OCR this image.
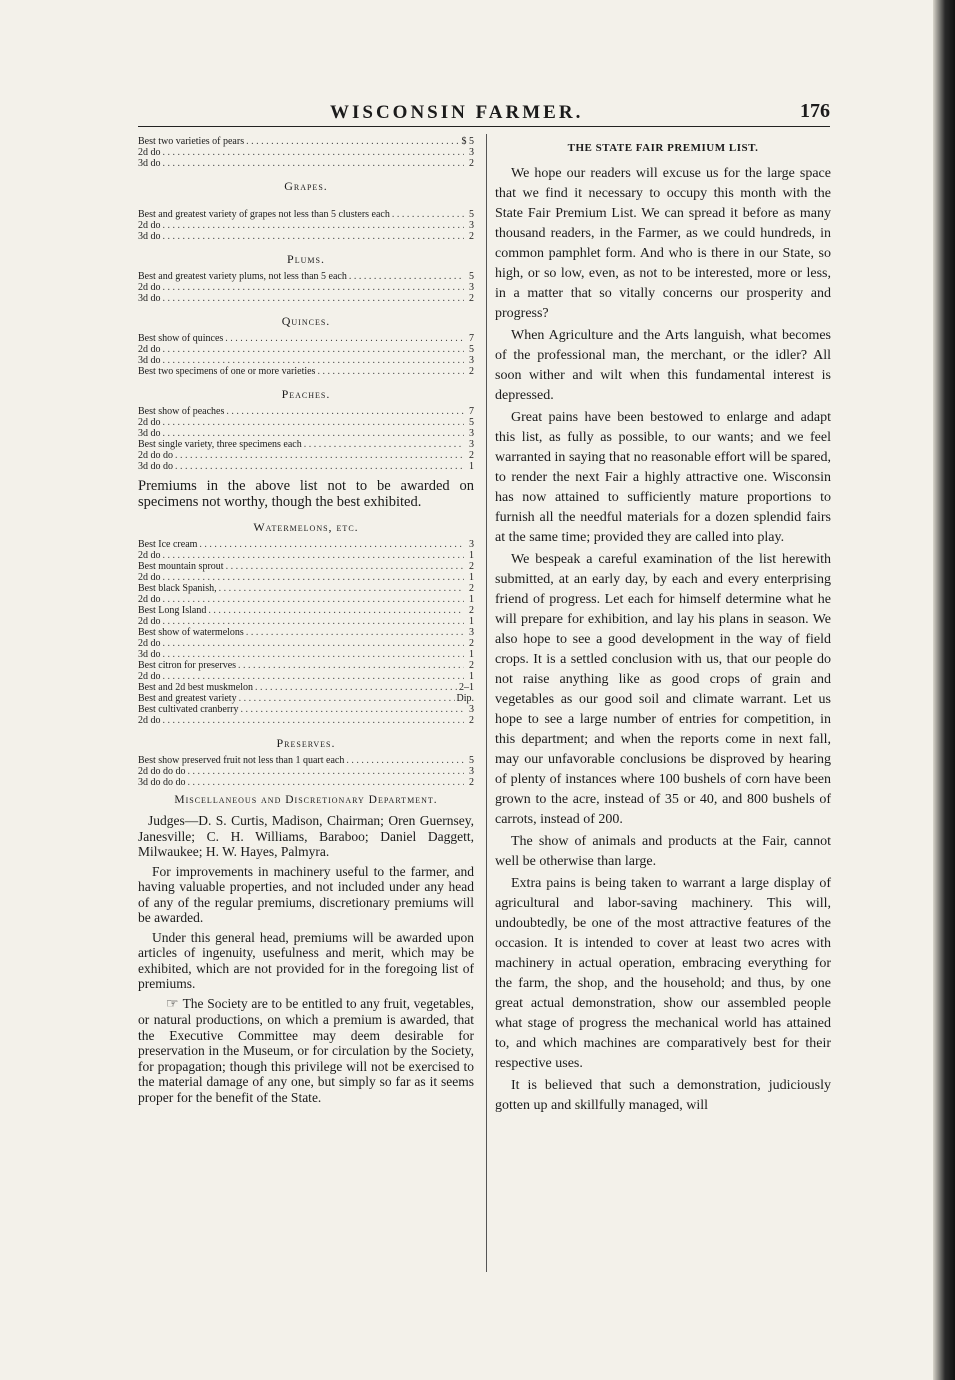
WISCONSIN FARMER.	176
Best two varieties of pears . . .	$ 5
2d do . . .	3
3d do . . .	2
Grapes.
Best and greatest variety of grapes not less than 5 clusters each . . .	5
2d do . . .	3
3d do . . .	2
Plums.
Best and greatest variety plums, not less than 5 each . . .	5
2d do . . .	3
3d do . . .	2
Quinces.
Best show of quinces . . .	7
2d do . . .	5
3d do . . .	3
Best two specimens of one or more varieties . . .	2
Peaches.
Best show of peaches . . .	7
2d do . . .	5
3d do . . .	3
Best single variety, three specimens each . . .	3
2d do do . . .	2
3d do do . . .	1

Premiums in the above list not to be awarded on specimens not worthy, though the best exhibited.

Watermelons, etc.
Best Ice cream . . .	3
2d do . . .	1
Best mountain sprout . . .	2
2d do . . .	1
Best black Spanish, . . .	2
2d do . . .	1
Best Long Island . . .	2
2d do . . .	1
Best show of watermelons . . .	3
2d do . . .	2
3d do . . .	1
Best citron for preserves . . .	2
2d do . . .	1
Best and 2d best muskmelon . . .	2–1
Best and greatest variety . . .	Dip.
Best cultivated cranberry . . .	3
2d do . . .	2
Preserves.
Best show preserved fruit not less than 1 quart each . . .	5
2d do do do . . .	3
3d do do do . . .	2
Miscellaneous and Discretionary Department.

Judges—D. S. Curtis, Madison, Chairman; Oren Guernsey, Janesville; C. H. Williams, Baraboo; Daniel Daggett, Milwaukee; H. W. Hayes, Palmyra.

For improvements in machinery useful to the farmer, and having valuable properties, and not included under any head of any of the regular premiums, discretionary premiums will be awarded.

Under this general head, premiums will be awarded upon articles of ingenuity, usefulness and merit, which may be exhibited, which are not provided for in the foregoing list of premiums.

☞ The Society are to be entitled to any fruit, vegetables, or natural productions, on which a premium is awarded, that the Executive Committee may deem desirable for preservation in the Museum, or for circulation by the Society, for propagation; though this privilege will not be exercised to the material damage of any one, but simply so far as it seems proper for the benefit of the State.

THE STATE FAIR PREMIUM LIST.

We hope our readers will excuse us for the large space that we find it necessary to occupy this month with the State Fair Premium List. We can spread it before as many thousand readers, in the Farmer, as we could hundreds, in common pamphlet form. And who is there in our State, so high, or so low, even, as not to be interested, more or less, in a matter that so vitally concerns our prosperity and progress?

When Agriculture and the Arts languish, what becomes of the professional man, the merchant, or the idler? All soon wither and wilt when this fundamental interest is depressed.

Great pains have been bestowed to enlarge and adapt this list, as fully as possible, to our wants; and we feel warranted in saying that no reasonable effort will be spared, to render the next Fair a highly attractive one. Wisconsin has now attained to sufficiently mature proportions to furnish all the needful materials for a dozen splendid fairs at the same time; provided they are called into play.

We bespeak a careful examination of the list herewith submitted, at an early day, by each and every enterprising friend of progress. Let each for himself determine what he will prepare for exhibition, and lay his plans in season. We also hope to see a good development in the way of field crops. It is a settled conclusion with us, that our people do not raise anything like as good crops of grain and vegetables as our good soil and climate warrant. Let us hope to see a large number of entries for competition, in this department; and when the reports come in next fall, may our unfavorable conclusions be disproved by hearing of plenty of instances where 100 bushels of corn have been grown to the acre, instead of 35 or 40, and 800 bushels of carrots, instead of 200.

The show of animals and products at the Fair, cannot well be otherwise than large.

Extra pains is being taken to warrant a large display of agricultural and labor-saving machinery. This will, undoubtedly, be one of the most attractive features of the occasion. It is intended to cover at least two acres with machinery in actual operation, embracing everything for the farm, the shop, and the household; and thus, by one great actual demonstration, show our assembled people what stage of progress the mechanical world has attained to, and which machines are comparatively best for their respective uses.

It is believed that such a demonstration, judiciously gotten up and skillfully managed, will
